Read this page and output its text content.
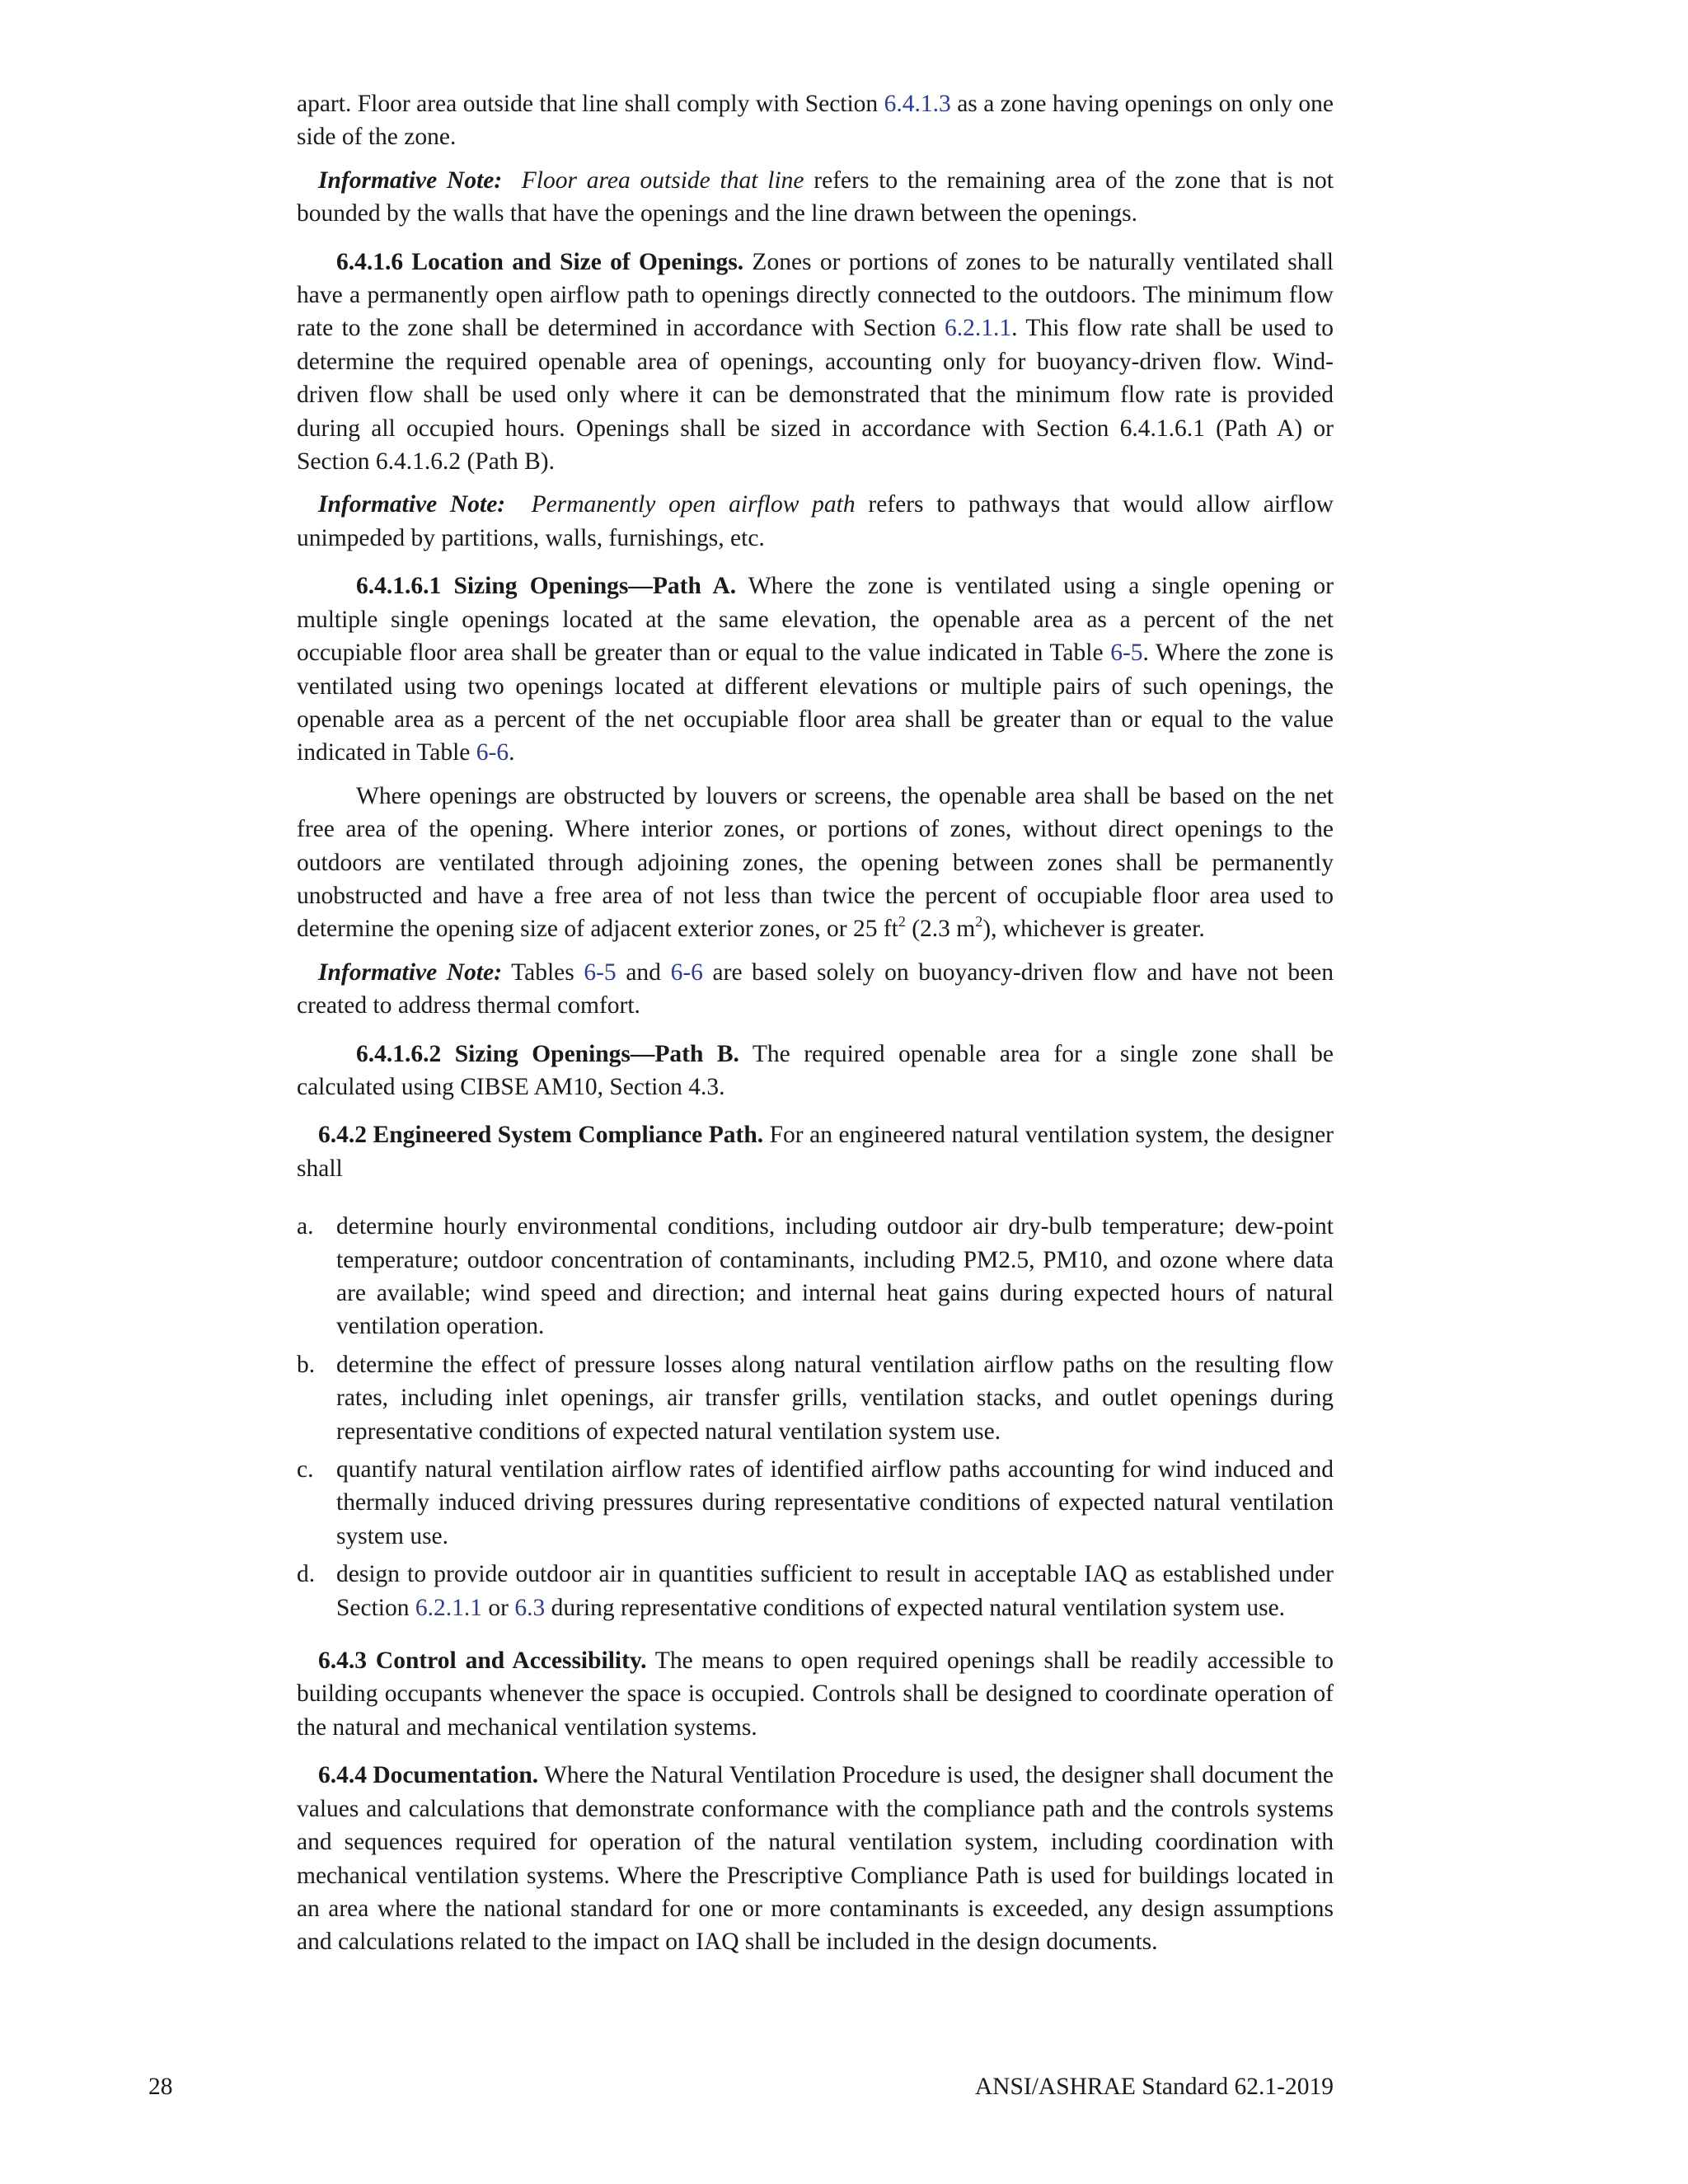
apart. Floor area outside that line shall comply with Section 6.4.1.3 as a zone having openings on only one side of the zone.

Informative Note: Floor area outside that line refers to the remaining area of the zone that is not bounded by the walls that have the openings and the line drawn between the openings.

6.4.1.6 Location and Size of Openings. Zones or portions of zones to be naturally ventilated shall have a permanently open airflow path to openings directly connected to the outdoors. The minimum flow rate to the zone shall be determined in accordance with Section 6.2.1.1. This flow rate shall be used to determine the required openable area of openings, accounting only for buoyancy-driven flow. Wind-driven flow shall be used only where it can be demonstrated that the minimum flow rate is provided during all occupied hours. Openings shall be sized in accordance with Section 6.4.1.6.1 (Path A) or Section 6.4.1.6.2 (Path B).

Informative Note: Permanently open airflow path refers to pathways that would allow airflow unimpeded by partitions, walls, furnishings, etc.

6.4.1.6.1 Sizing Openings—Path A. Where the zone is ventilated using a single opening or multiple single openings located at the same elevation, the openable area as a percent of the net occupiable floor area shall be greater than or equal to the value indicated in Table 6-5. Where the zone is ventilated using two openings located at different elevations or multiple pairs of such openings, the openable area as a percent of the net occupiable floor area shall be greater than or equal to the value indicated in Table 6-6.

Where openings are obstructed by louvers or screens, the openable area shall be based on the net free area of the opening. Where interior zones, or portions of zones, without direct openings to the outdoors are ventilated through adjoining zones, the opening between zones shall be permanently unobstructed and have a free area of not less than twice the percent of occupiable floor area used to determine the opening size of adjacent exterior zones, or 25 $ft^2$ (2.3 $m^2$), whichever is greater.

Informative Note: Tables 6-5 and 6-6 are based solely on buoyancy-driven flow and have not been created to address thermal comfort.

6.4.1.6.2 Sizing Openings—Path B. The required openable area for a single zone shall be calculated using CIBSE AM10, Section 4.3.

6.4.2 Engineered System Compliance Path. For an engineered natural ventilation system, the designer shall

a. determine hourly environmental conditions, including outdoor air dry-bulb temperature; dew-point temperature; outdoor concentration of contaminants, including PM2.5, PM10, and ozone where data are available; wind speed and direction; and internal heat gains during expected hours of natural ventilation operation.
b. determine the effect of pressure losses along natural ventilation airflow paths on the resulting flow rates, including inlet openings, air transfer grills, ventilation stacks, and outlet openings during representative conditions of expected natural ventilation system use.
c. quantify natural ventilation airflow rates of identified airflow paths accounting for wind induced and thermally induced driving pressures during representative conditions of expected natural ventilation system use.
d. design to provide outdoor air in quantities sufficient to result in acceptable IAQ as established under Section 6.2.1.1 or 6.3 during representative conditions of expected natural ventilation system use.

6.4.3 Control and Accessibility. The means to open required openings shall be readily accessible to building occupants whenever the space is occupied. Controls shall be designed to coordinate operation of the natural and mechanical ventilation systems.

6.4.4 Documentation. Where the Natural Ventilation Procedure is used, the designer shall document the values and calculations that demonstrate conformance with the compliance path and the controls systems and sequences required for operation of the natural ventilation system, including coordination with mechanical ventilation systems. Where the Prescriptive Compliance Path is used for buildings located in an area where the national standard for one or more contaminants is exceeded, any design assumptions and calculations related to the impact on IAQ shall be included in the design documents.

28	ANSI/ASHRAE Standard 62.1-2019
